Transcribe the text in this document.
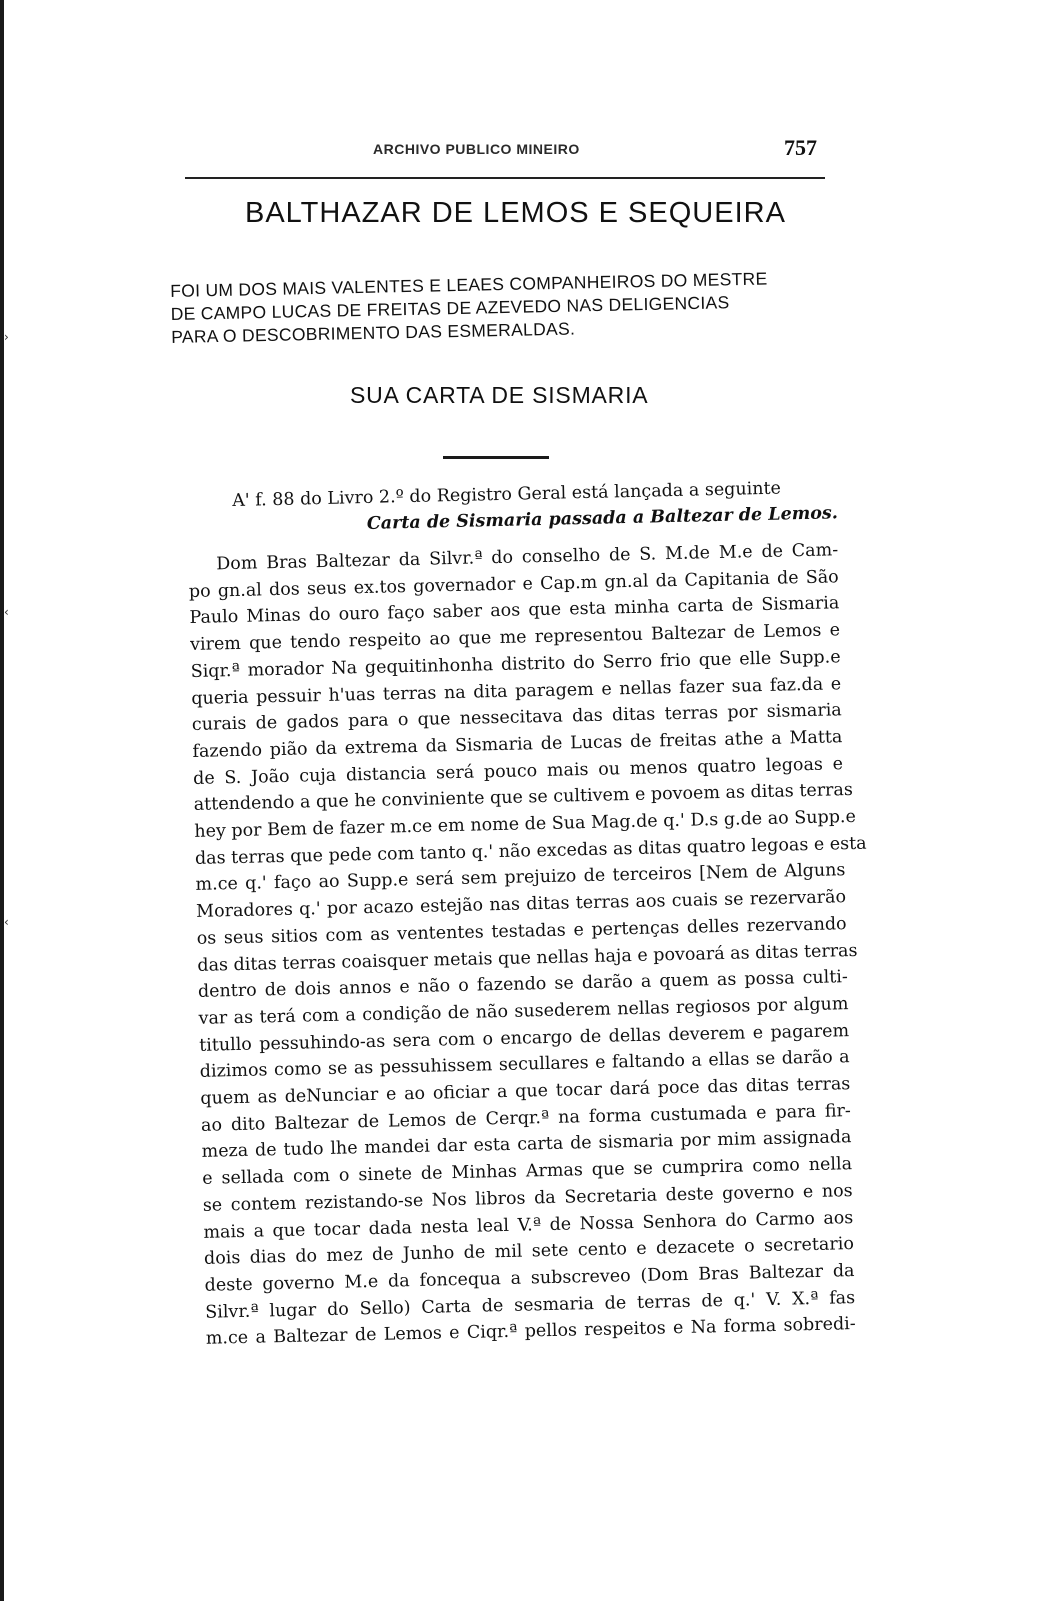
›
‹
‹
ARCHIVO PUBLICO MINEIRO	757
BALTHAZAR DE LEMOS E SEQUEIRA
FOI UM DOS MAIS VALENTES E LEAES COMPANHEIROS DO MESTRE
DE CAMPO LUCAS DE FREITAS DE AZEVEDO NAS DELIGENCIAS
PARA O DESCOBRIMENTO DAS ESMERALDAS.
SUA CARTA DE SISMARIA
A' f. 88 do Livro 2.º do Registro Geral está lançada a seguinte
Carta de Sismaria passada a Baltezar de Lemos.
Dom Bras Baltezar da Silvr.ª do conselho de S. M.de M.e de Cam-
po gn.al dos seus ex.tos governador e Cap.m gn.al da Capitania de São
Paulo Minas do ouro faço saber aos que esta minha carta de Sismaria
virem que tendo respeito ao que me representou Baltezar de Lemos e
Siqr.ª morador Na gequitinhonha distrito do Serro frio que elle Supp.e
queria pessuir h'uas terras na dita paragem e nellas fazer sua faz.da e
curais de gados para o que nessecitava das ditas terras por sismaria
fazendo pião da extrema da Sismaria de Lucas de freitas athe a Matta
de S. João cuja distancia será pouco mais ou menos quatro legoas e
attendendo a que he conviniente que se cultivem e povoem as ditas terras
hey por Bem de fazer m.ce em nome de Sua Mag.de q.' D.s g.de ao Supp.e
das terras que pede com tanto q.' não excedas as ditas quatro legoas e esta
m.ce q.' faço ao Supp.e será sem prejuizo de terceiros [Nem de Alguns
Moradores q.' por acazo estejão nas ditas terras aos cuais se rezervarão
os seus sitios com as vententes testadas e pertenças delles rezervando
das ditas terras coaisquer metais que nellas haja e povoará as ditas terras
dentro de dois annos e não o fazendo se darão a quem as possa culti-
var as terá com a condição de não susederem nellas regiosos por algum
titullo pessuhindo-as sera com o encargo de dellas deverem e pagarem
dizimos como se as pessuhissem secullares e faltando a ellas se darão a
quem as deNunciar e ao oficiar a que tocar dará poce das ditas terras
ao dito Baltezar de Lemos de Cerqr.ª na forma custumada e para fir-
meza de tudo lhe mandei dar esta carta de sismaria por mim assignada
e sellada com o sinete de Minhas Armas que se cumprira como nella
se contem rezistando-se Nos libros da Secretaria deste governo e nos
mais a que tocar dada nesta leal V.ª de Nossa Senhora do Carmo aos
dois dias do mez de Junho de mil sete cento e dezacete o secretario
deste governo M.e da foncequa a subscreveo (Dom Bras Baltezar da
Silvr.ª lugar do Sello) Carta de sesmaria de terras de q.' V. X.ª fas
m.ce a Baltezar de Lemos e Ciqr.ª pellos respeitos e Na forma sobredi-
